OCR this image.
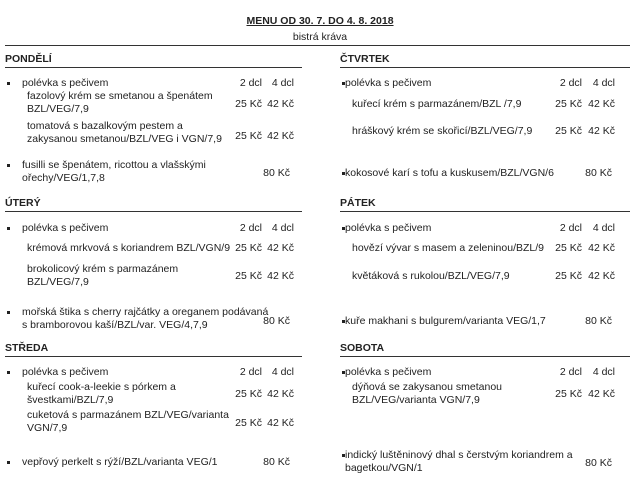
MENU OD 30. 7. DO 4. 8. 2018
bistrá kráva
PONDĚLÍ
polévka s pečivem	2 dcl 4 dcl
fazolový krém se smetanou a špenátem
BZL/VEG/7,9	25 Kč 42 Kč
tomatová s bazalkovým pestem a
zakysanou smetanou/BZL/VEG i VGN/7,9	25 Kč 42 Kč
fusilli se špenátem, ricottou a vlašskými
ořechy/VEG/1,7,8	80 Kč
ČTVRTEK
polévka s pečivem	2 dcl	4 dcl
kuřecí krém s parmazánem/BZL /7,9	25 Kč 42 Kč
hráškový krém se skořicí/BZL/VEG/7,9	25 Kč 42 Kč
kokosové karí s tofu a kuskusem/BZL/VGN/6	80 Kč
ÚTERÝ
polévka s pečivem	2 dcl 4 dcl
krémová mrkvová s koriandrem BZL/VGN/9 25 Kč 42 Kč
brokolicový krém s parmazánem
BZL/VEG/7,9	25 Kč 42 Kč
mořská štika s cherry rajčátky a oreganem podávaná
s bramborovou kaší/BZL/var. VEG/4,7,9	80 Kč
PÁTEK
polévka s pečivem	2 dcl	4 dcl
hovězí vývar s masem a zeleninou/BZL/9	25 Kč 42 Kč
květáková s rukolou/BZL/VEG/7,9	25 Kč 42 Kč
kuře makhani s bulgurem/varianta VEG/1,7	80 Kč
STŘEDA
polévka s pečivem	2 dcl 4 dcl
kuřecí cook-a-leekie s pórkem a
švestkami/BZL/7,9	25 Kč 42 Kč
cuketová s parmazánem BZL/VEG/varianta
VGN/7,9	25 Kč 42 Kč
vepřový perkelt s rýží/BZL/varianta VEG/1	80 Kč
SOBOTA
polévka s pečivem	2 dcl	4 dcl
dýňová se zakysanou smetanou
BZL/VEG/varianta VGN/7,9	25 Kč 42 Kč
indický luštěninový dhal s čerstvým koriandrem a
bagetkou/VGN/1	80 Kč
